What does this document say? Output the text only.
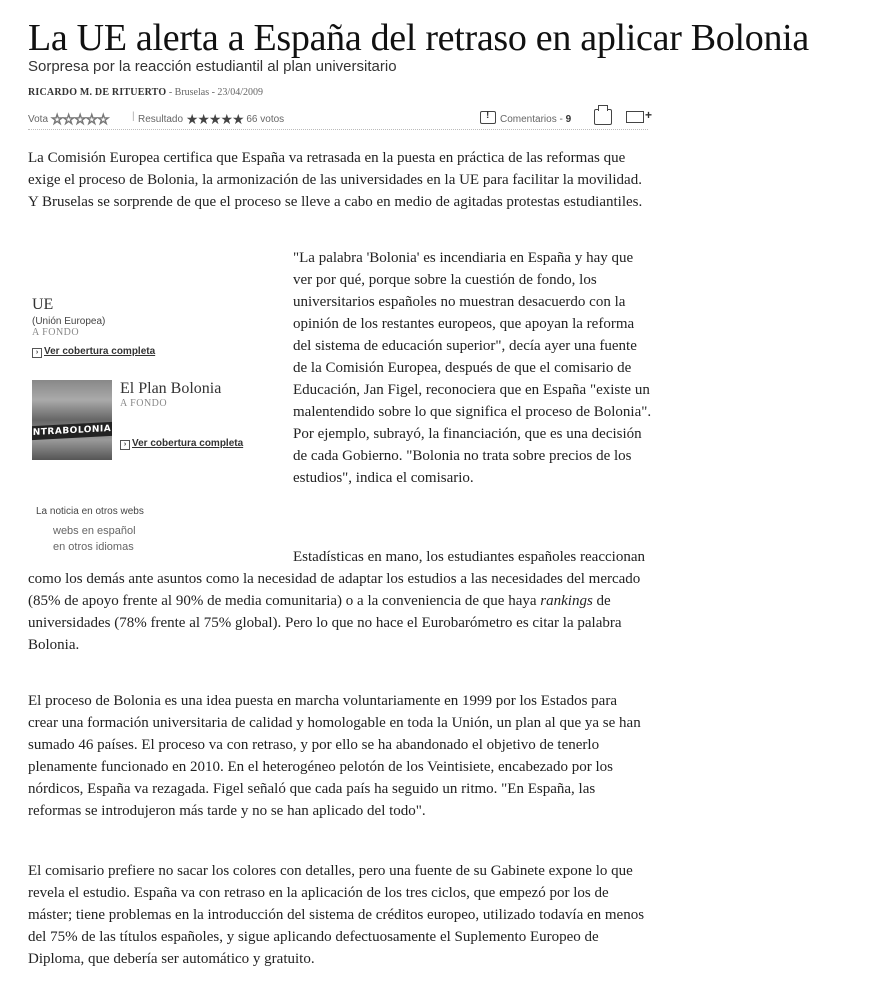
La UE alerta a España del retraso en aplicar Bolonia
Sorpresa por la reacción estudiantil al plan universitario
RICARDO M. DE RITUERTO - Bruselas - 23/04/2009
Vota ☆☆☆☆☆ | Resultado ★★★★★ 66 votos
!	Comentarios - 9
+

La Comisión Europea certifica que España va retrasada en la puesta en práctica de las reformas que exige el proceso de Bolonia, la armonización de las universidades en la UE para facilitar la movilidad. Y Bruselas se sorprende de que el proceso se lleve a cabo en medio de agitadas protestas estudiantiles.

UE
(Unión Europea)
A FONDO
› Ver cobertura completa
NTRABOLONIA
El Plan Bolonia
A FONDO
› Ver cobertura completa
La noticia en otros webs
webs en español
en otros idiomas

"La palabra 'Bolonia' es incendiaria en España y hay que ver por qué, porque sobre la cuestión de fondo, los universitarios españoles no muestran desacuerdo con la opinión de los restantes europeos, que apoyan la reforma del sistema de educación superior", decía ayer una fuente de la Comisión Europea, después de que el comisario de Educación, Jan Figel, reconociera que en España "existe un malentendido sobre lo que significa el proceso de Bolonia". Por ejemplo, subrayó, la financiación, que es una decisión de cada Gobierno. "Bolonia no trata sobre precios de los estudios", indica el comisario.

Estadísticas en mano, los estudiantes españoles reaccionan como los demás ante asuntos como la necesidad de adaptar los estudios a las necesidades del mercado (85% de apoyo frente al 90% de media comunitaria) o a la conveniencia de que haya rankings de universidades (78% frente al 75% global). Pero lo que no hace el Eurobarómetro es citar la palabra Bolonia.

El proceso de Bolonia es una idea puesta en marcha voluntariamente en 1999 por los Estados para crear una formación universitaria de calidad y homologable en toda la Unión, un plan al que ya se han sumado 46 países. El proceso va con retraso, y por ello se ha abandonado el objetivo de tenerlo plenamente funcionado en 2010. En el heterogéneo pelotón de los Veintisiete, encabezado por los nórdicos, España va rezagada. Figel señaló que cada país ha seguido un ritmo. "En España, las reformas se introdujeron más tarde y no se han aplicado del todo".

El comisario prefiere no sacar los colores con detalles, pero una fuente de su Gabinete expone lo que revela el estudio. España va con retraso en la aplicación de los tres ciclos, que empezó por los de máster; tiene problemas en la introducción del sistema de créditos europeo, utilizado todavía en menos del 75% de las títulos españoles, y sigue aplicando defectuosamente el Suplemento Europeo de Diploma, que debería ser automático y gratuito.
